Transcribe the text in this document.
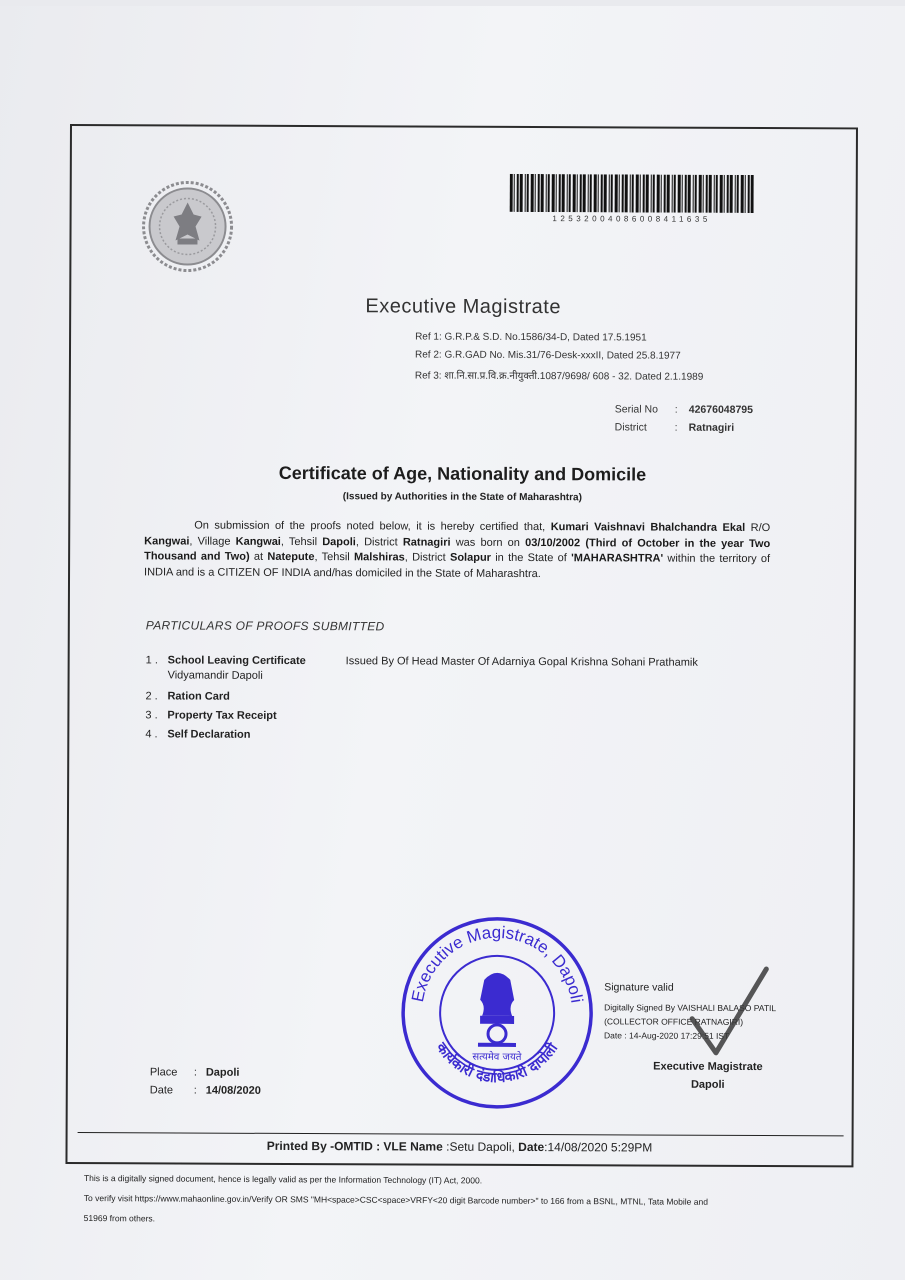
12532004086008411635
Executive Magistrate
Ref 1: G.R.P.& S.D. No.1586/34-D, Dated 17.5.1951
Ref 2: G.R.GAD No. Mis.31/76-Desk-xxxII, Dated 25.8.1977
Ref 3: शा.नि.सा.प्र.वि.क्र.नीयुक्ती.1087/9698/ 608 - 32. Dated 2.1.1989
Serial No : 42676048795
District	: Ratnagiri
Certificate of Age, Nationality and Domicile
(Issued by Authorities in the State of Maharashtra)
On submission of the proofs noted below, it is hereby certified that, Kumari Vaishnavi Bhalchandra Ekal R/O Kangwai, Village Kangwai, Tehsil Dapoli, District Ratnagiri was born on 03/10/2002 (Third of October in the year Two Thousand and Two) at Natepute, Tehsil Malshiras, District Solapur in the State of 'MAHARASHTRA' within the territory of INDIA and is a CITIZEN OF INDIA and/has domiciled in the State of Maharashtra.
PARTICULARS OF PROOFS SUBMITTED
1 . School Leaving Certificate	Issued By Of Head Master Of Adarniya Gopal Krishna Sohani Prathamik
Vidyamandir Dapoli
2 . Ration Card
3 . Property Tax Receipt
4 . Self Declaration
Executive Magistrate, Dapoli
कार्यकारी दंडाधिकारी दापोली
सत्यमेव जयते
Place : Dapoli
Date : 14/08/2020
Signature valid
Digitally Signed By VAISHALI BALASO PATIL
(COLLECTOR OFFICE RATNAGIRI)
Date : 14-Aug-2020 17:29:51 IST
Executive Magistrate
Dapoli
Printed By -OMTID : VLE Name :Setu Dapoli, Date:14/08/2020 5:29PM
This is a digitally signed document, hence is legally valid as per the Information Technology (IT) Act, 2000.
To verify visit https://www.mahaonline.gov.in/Verify OR SMS "MH<space>CSC<space>VRFY<20 digit Barcode number>" to 166 from a BSNL, MTNL, Tata Mobile and
51969 from others.
